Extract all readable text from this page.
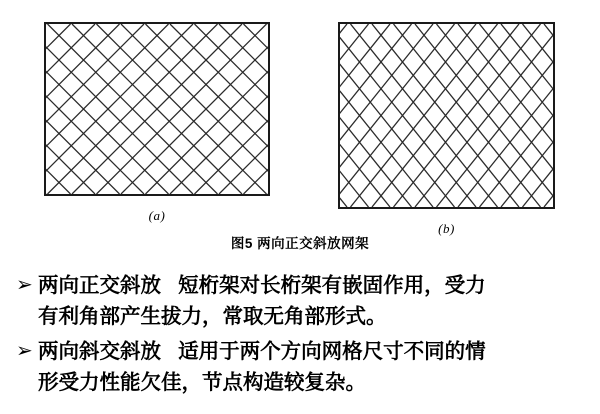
(a)
(b)
图5 两向正交斜放网架
➢ 两向正交斜放   短桁架对长桁架有嵌固作用，受力
有利角部产生拔力，常取无角部形式。
➢ 两向斜交斜放   适用于两个方向网格尺寸不同的情
形受力性能欠佳，节点构造较复杂。
